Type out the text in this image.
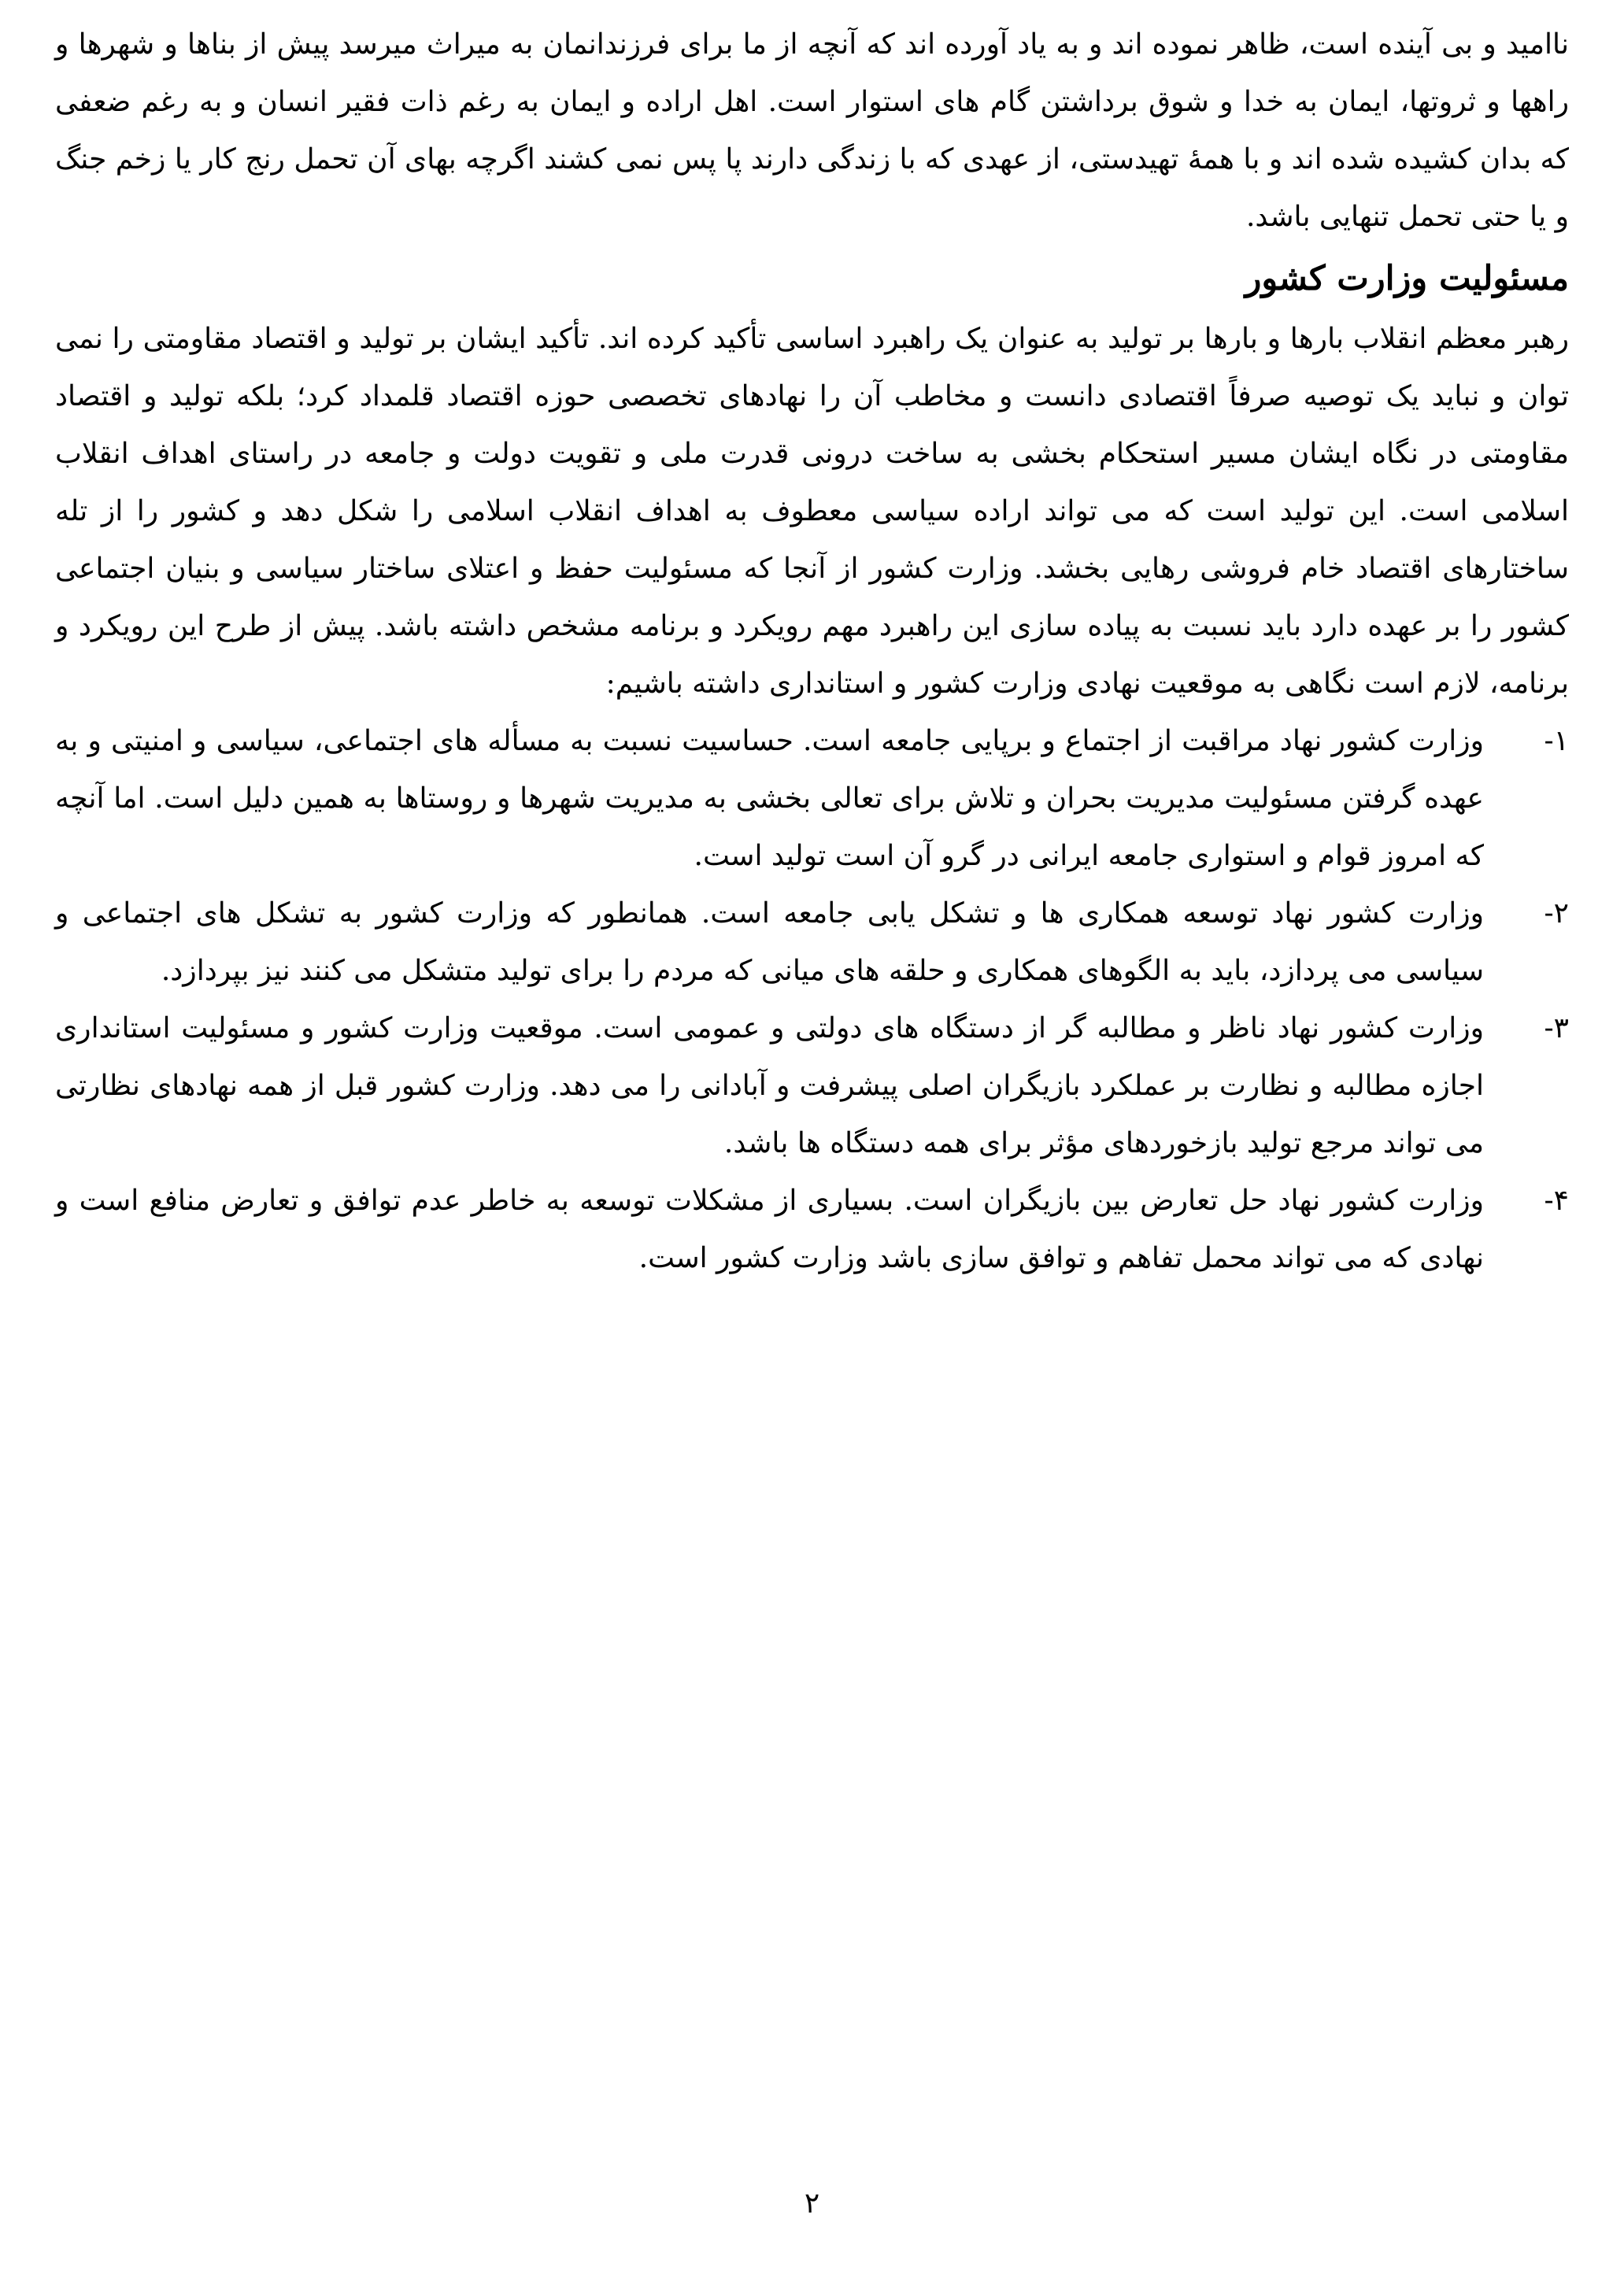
ناامید و بی آینده است، ظاهر نموده اند و به یاد آورده اند که آنچه از ما برای فرزندانمان به میراث میرسد پیش از بناها و شهرها و راهها و ثروتها، ایمان به خدا و شوق برداشتن گام های استوار است. اهل اراده و ایمان به رغم ذات فقیر انسان و به رغم ضعفی که بدان کشیده شده اند و با همهٔ تهیدستی، از عهدی که با زندگی دارند پا پس نمی کشند اگرچه بهای آن تحمل رنج کار یا زخم جنگ و یا حتی تحمل تنهایی باشد.

مسئولیت وزارت کشور

رهبر معظم انقلاب بارها و بارها بر تولید به عنوان یک راهبرد اساسی تأکید کرده اند. تأکید ایشان بر تولید و اقتصاد مقاومتی را نمی توان و نباید یک توصیه صرفاً اقتصادی دانست و مخاطب آن را نهادهای تخصصی حوزه اقتصاد قلمداد کرد؛ بلکه تولید و اقتصاد مقاومتی در نگاه ایشان مسیر استحکام بخشی به ساخت درونی قدرت ملی و تقویت دولت و جامعه در راستای اهداف انقلاب اسلامی است. این تولید است که می تواند اراده سیاسی معطوف به اهداف انقلاب اسلامی را شکل دهد و کشور را از تله ساختارهای اقتصاد خام فروشی رهایی بخشد. وزارت کشور از آنجا که مسئولیت حفظ و اعتلای ساختار سیاسی و بنیان اجتماعی کشور را بر عهده دارد باید نسبت به پیاده سازی این راهبرد مهم رویکرد و برنامه مشخص داشته باشد. پیش از طرح این رویکرد و برنامه، لازم است نگاهی به موقعیت نهادی وزارت کشور و استانداری داشته باشیم:

۱-

وزارت کشور نهاد مراقبت از اجتماع و برپایی جامعه است. حساسیت نسبت به مسأله های اجتماعی، سیاسی و امنیتی و به عهده گرفتن مسئولیت مدیریت بحران و تلاش برای تعالی بخشی به مدیریت شهرها و روستاها به همین دلیل است. اما آنچه که امروز قوام و استواری جامعه ایرانی در گرو آن است تولید است.

۲-

وزارت کشور نهاد توسعه همکاری ها و تشکل یابی جامعه است. همانطور که وزارت کشور به تشکل های اجتماعی و سیاسی می پردازد، باید به الگوهای همکاری و حلقه های میانی که مردم را برای تولید متشکل می کنند نیز بپردازد.

۳-

وزارت کشور نهاد ناظر و مطالبه گر از دستگاه های دولتی و عمومی است. موقعیت وزارت کشور و مسئولیت استانداری اجازه مطالبه و نظارت بر عملکرد بازیگران اصلی پیشرفت و آبادانی را می دهد. وزارت کشور قبل از همه نهادهای نظارتی می تواند مرجع تولید بازخوردهای مؤثر برای همه دستگاه ها باشد.

۴-

وزارت کشور نهاد حل تعارض بین بازیگران است. بسیاری از مشکلات توسعه به خاطر عدم توافق و تعارض منافع است و نهادی که می تواند محمل تفاهم و توافق سازی باشد وزارت کشور است.

۲
